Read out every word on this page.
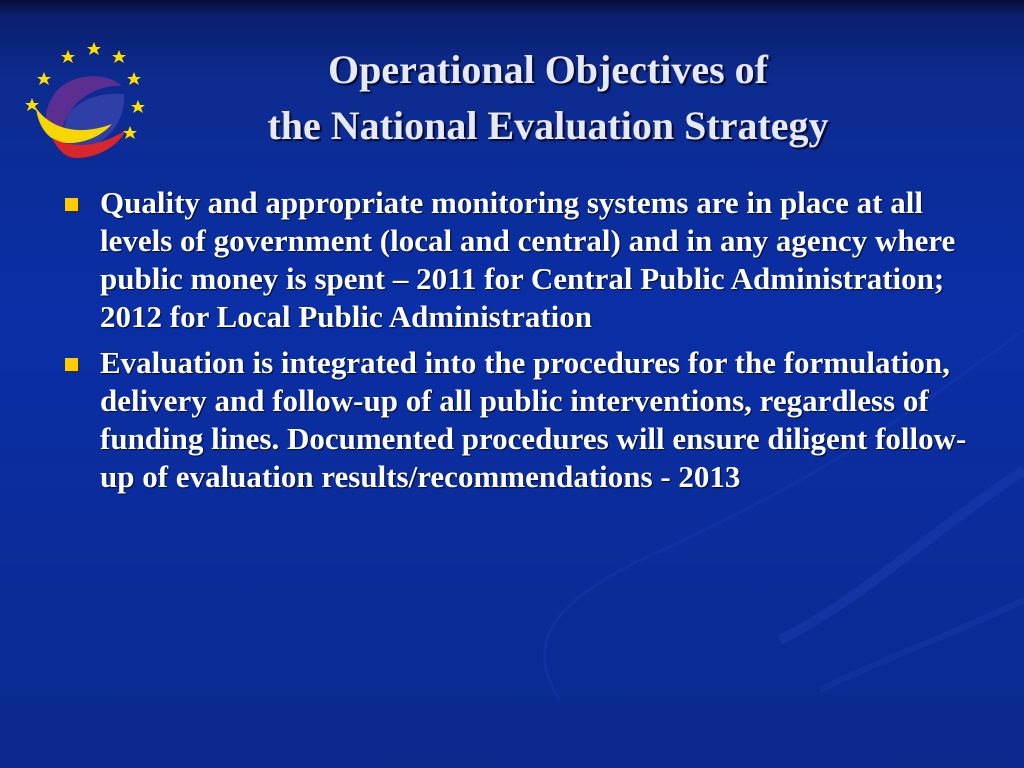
Operational Objectives of
the National Evaluation Strategy
Quality and appropriate monitoring systems are in place at all levels of government (local and central) and in any agency where public money is spent – 2011 for Central Public Administration; 2012 for Local Public Administration
Evaluation is integrated into the procedures for the formulation, delivery and follow-up of all public interventions, regardless of funding lines. Documented procedures will ensure diligent follow-up of evaluation results/recommendations - 2013
